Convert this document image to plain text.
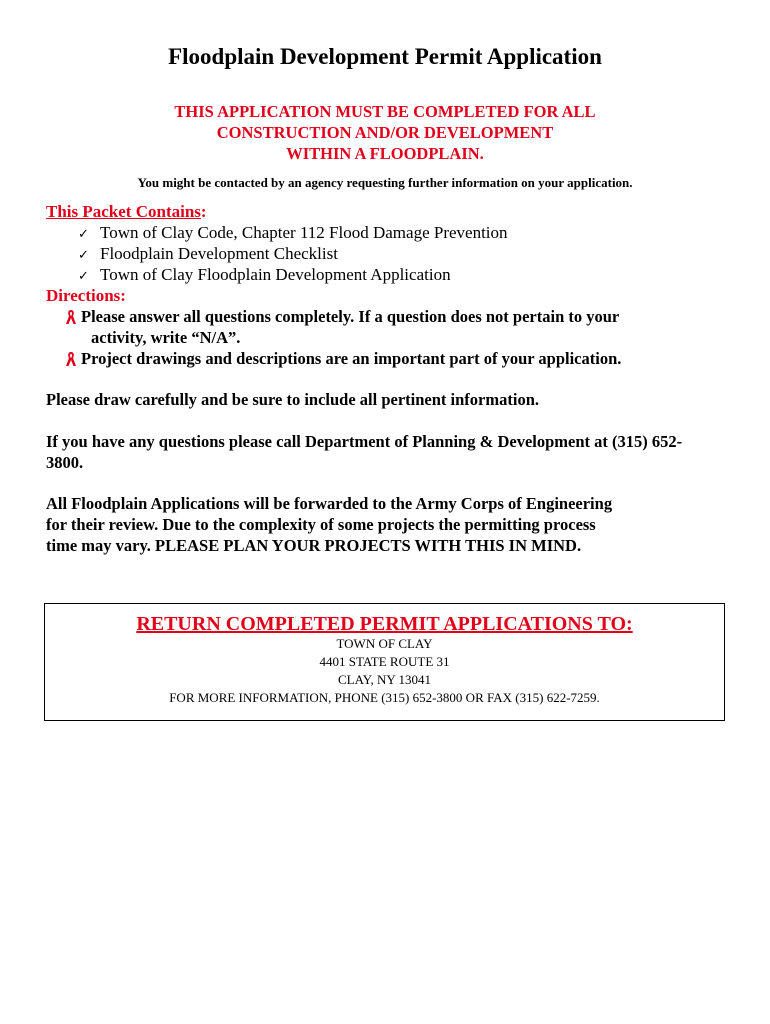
Floodplain Development Permit Application
THIS APPLICATION MUST BE COMPLETED FOR ALL
CONSTRUCTION AND/OR DEVELOPMENT
WITHIN A FLOODPLAIN.
You might be contacted by an agency requesting further information on your application.
This Packet Contains:
✓ Town of Clay Code, Chapter 112 Flood Damage Prevention
✓ Floodplain Development Checklist
✓ Town of Clay Floodplain Development Application
Directions:
Please answer all questions completely. If a question does not pertain to your
activity, write “N/A”.
Project drawings and descriptions are an important part of your application.
Please draw carefully and be sure to include all pertinent information.
If you have any questions please call Department of Planning & Development at (315) 652-
3800.
All Floodplain Applications will be forwarded to the Army Corps of Engineering
for their review. Due to the complexity of some projects the permitting process
time may vary. PLEASE PLAN YOUR PROJECTS WITH THIS IN MIND.
RETURN COMPLETED PERMIT APPLICATIONS TO:
TOWN OF CLAY
4401 STATE ROUTE 31
CLAY, NY 13041
FOR MORE INFORMATION, PHONE (315) 652-3800 OR FAX (315) 622-7259.
